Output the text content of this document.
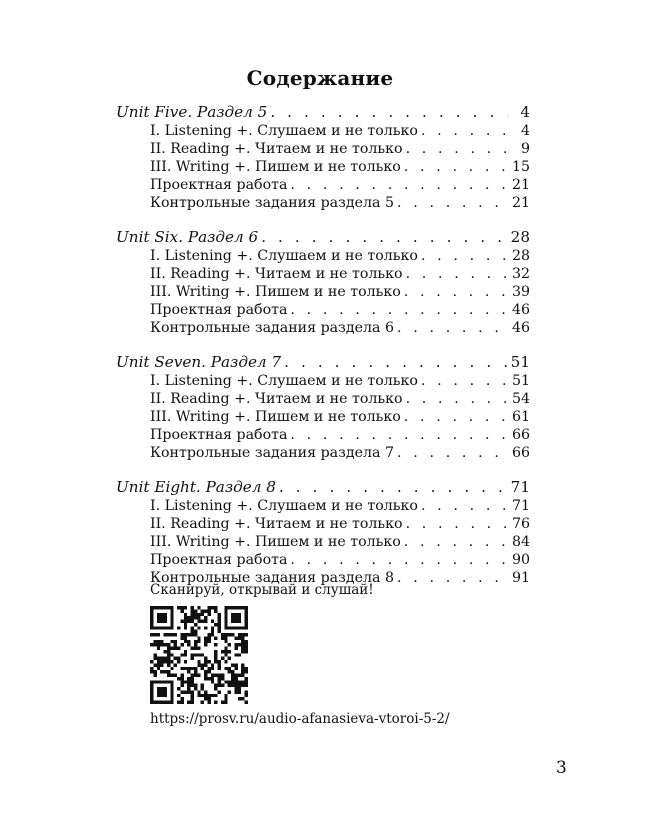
Содержание
Unit Five. Раздел 5 . . .	4
I. Listening +. Слушаем и не только . . .	4
II. Reading +. Читаем и не только . . .	9
III. Writing +. Пишем и не только . . .	15
Проектная работа . . .	21
Контрольные задания раздела 5 . . .	21
Unit Six. Раздел 6 . . .	28
I. Listening +. Слушаем и не только . . .	28
II. Reading +. Читаем и не только . . .	32
III. Writing +. Пишем и не только . . .	39
Проектная работа . . .	46
Контрольные задания раздела 6 . . .	46
Unit Seven. Раздел 7 . . .	51
I. Listening +. Слушаем и не только . . .	51
II. Reading +. Читаем и не только . . .	54
III. Writing +. Пишем и не только . . .	61
Проектная работа . . .	66
Контрольные задания раздела 7 . . .	66
Unit Eight. Раздел 8 . . .	71
I. Listening +. Слушаем и не только . . .	71
II. Reading +. Читаем и не только . . .	76
III. Writing +. Пишем и не только . . .	84
Проектная работа . . .	90
Контрольные задания раздела 8 . . .	91
Сканируй, открывай и слушай!
https://prosv.ru/audio-afanasieva-vtoroi-5-2/
3
